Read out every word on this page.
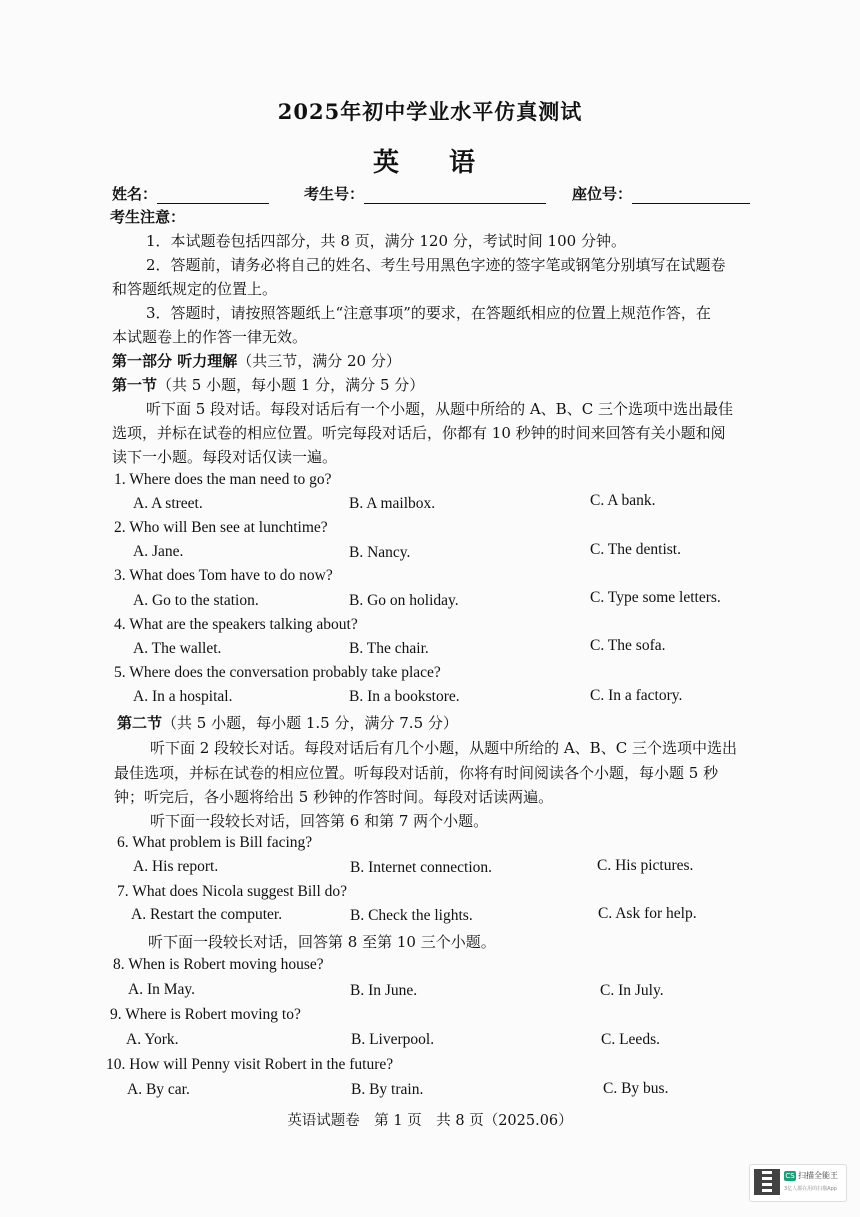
2025年初中学业水平仿真测试
英　语
姓名：	考生号：	座位号：
考生注意：
1．本试题卷包括四部分，共 8 页，满分 120 分，考试时间 100 分钟。
2．答题前，请务必将自己的姓名、考生号用黑色字迹的签字笔或钢笔分别填写在试题卷
和答题纸规定的位置上。
3．答题时，请按照答题纸上“注意事项”的要求，在答题纸相应的位置上规范作答，在
本试题卷上的作答一律无效。
第一部分 听力理解（共三节，满分 20 分）
第一节（共 5 小题，每小题 1 分，满分 5 分）
听下面 5 段对话。每段对话后有一个小题，从题中所给的 A、B、C 三个选项中选出最佳
选项，并标在试卷的相应位置。听完每段对话后，你都有 10 秒钟的时间来回答有关小题和阅
读下一小题。每段对话仅读一遍。
1. Where does the man need to go?
A. A street.	B. A mailbox.	C. A bank.
2. Who will Ben see at lunchtime?
A. Jane.	B. Nancy.	C. The dentist.
3. What does Tom have to do now?
A. Go to the station.	B. Go on holiday.	C. Type some letters.
4. What are the speakers talking about?
A. The wallet.	B. The chair.	C. The sofa.
5. Where does the conversation probably take place?
A. In a hospital.	B. In a bookstore.	C. In a factory.
第二节（共 5 小题，每小题 1.5 分，满分 7.5 分）
听下面 2 段较长对话。每段对话后有几个小题，从题中所给的 A、B、C 三个选项中选出
最佳选项，并标在试卷的相应位置。听每段对话前，你将有时间阅读各个小题，每小题 5 秒
钟；听完后，各小题将给出 5 秒钟的作答时间。每段对话读两遍。
听下面一段较长对话，回答第 6 和第 7 两个小题。
6. What problem is Bill facing?
A. His report.	B. Internet connection.	C. His pictures.
7. What does Nicola suggest Bill do?
A. Restart the computer.	B. Check the lights.	C. Ask for help.
听下面一段较长对话，回答第 8 至第 10 三个小题。
8. When is Robert moving house?
A. In May.	B. In June.	C. In July.
9. Where is Robert moving to?
A. York.	B. Liverpool.	C. Leeds.
10. How will Penny visit Robert in the future?
A. By car.	B. By train.	C. By bus.
英语试题卷　第 1 页　共 8 页（2025.06）
CS 扫描全能王
3亿人都在用的扫描App
